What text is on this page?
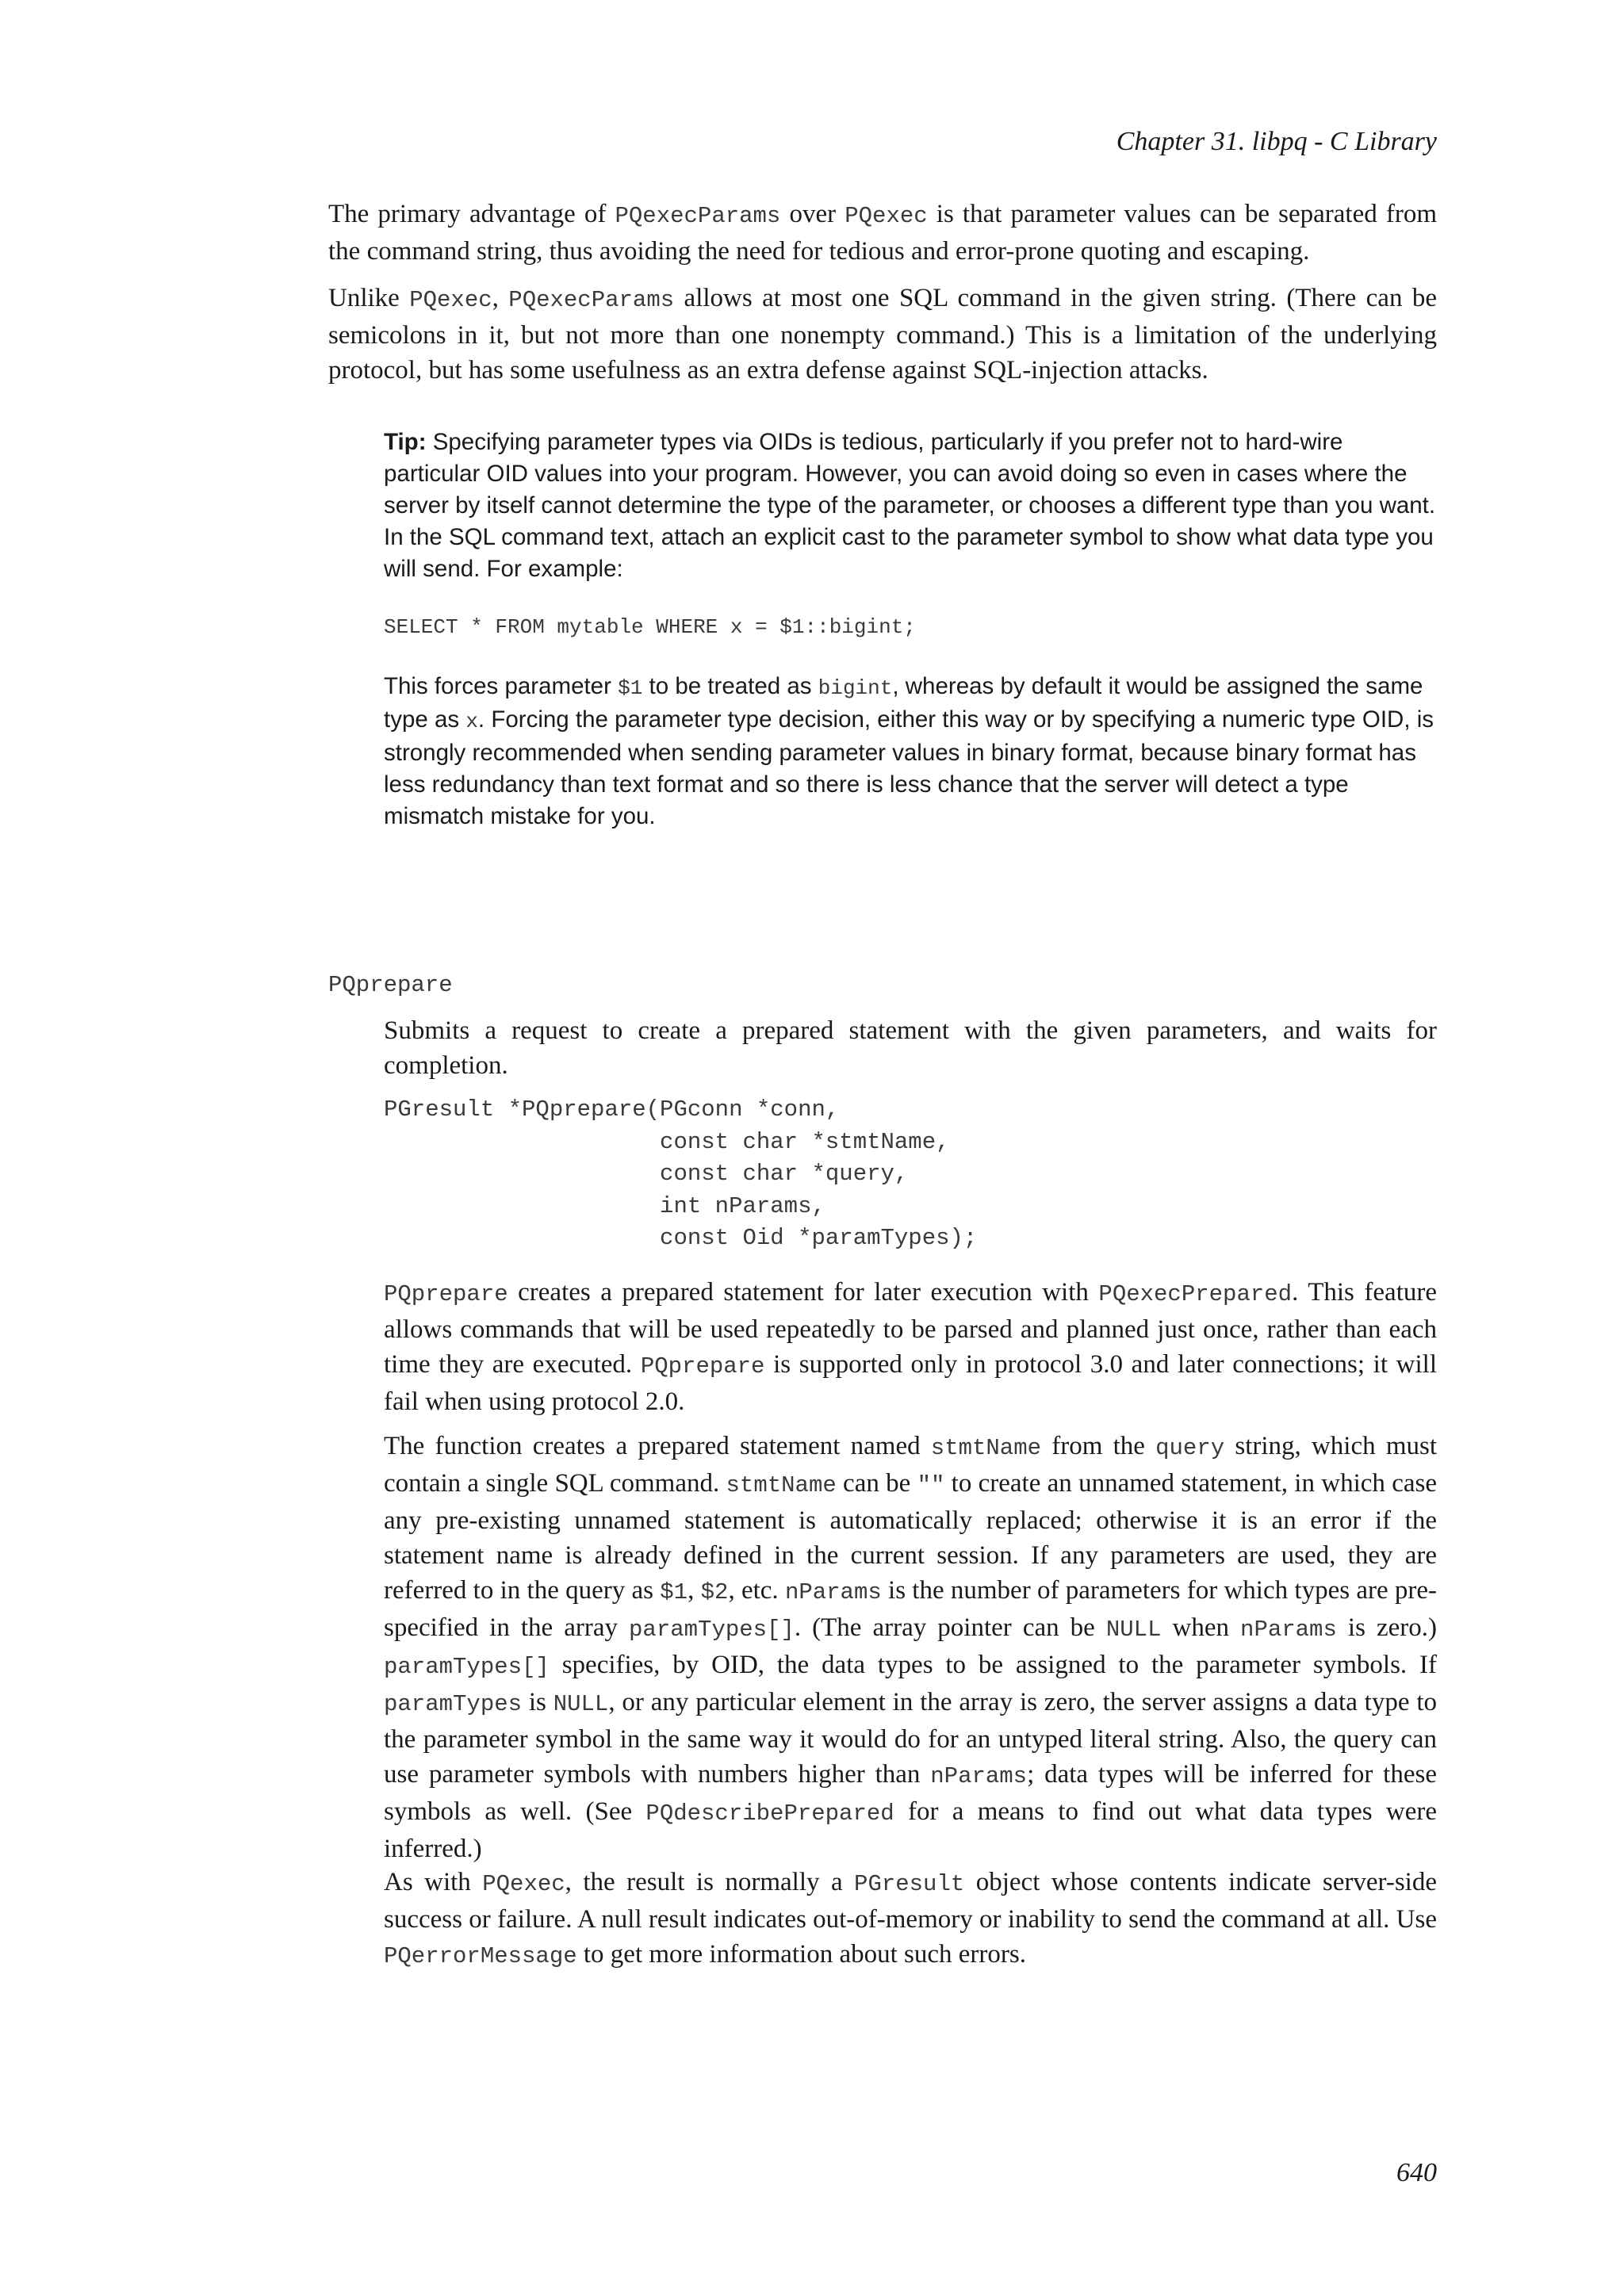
Chapter 31. libpq - C Library

The primary advantage of PQexecParams over PQexec is that parameter values can be separated from the command string, thus avoiding the need for tedious and error-prone quoting and escaping.

Unlike PQexec, PQexecParams allows at most one SQL command in the given string. (There can be semicolons in it, but not more than one nonempty command.) This is a limitation of the underlying protocol, but has some usefulness as an extra defense against SQL-injection attacks.

Tip: Specifying parameter types via OIDs is tedious, particularly if you prefer not to hard-wire particular OID values into your program. However, you can avoid doing so even in cases where the server by itself cannot determine the type of the parameter, or chooses a different type than you want. In the SQL command text, attach an explicit cast to the parameter symbol to show what data type you will send. For example:

SELECT * FROM mytable WHERE x = $1::bigint;

This forces parameter $1 to be treated as bigint, whereas by default it would be assigned the same type as x. Forcing the parameter type decision, either this way or by specifying a numeric type OID, is strongly recommended when sending parameter values in binary format, because binary format has less redundancy than text format and so there is less chance that the server will detect a type mismatch mistake for you.

PQprepare

Submits a request to create a prepared statement with the given parameters, and waits for completion.

PGresult *PQprepare(PGconn *conn,
const char *stmtName,
const char *query,
int nParams,
const Oid *paramTypes);

PQprepare creates a prepared statement for later execution with PQexecPrepared. This feature allows commands that will be used repeatedly to be parsed and planned just once, rather than each time they are executed. PQprepare is supported only in protocol 3.0 and later connections; it will fail when using protocol 2.0.

The function creates a prepared statement named stmtName from the query string, which must contain a single SQL command. stmtName can be "" to create an unnamed statement, in which case any pre-existing unnamed statement is automatically replaced; otherwise it is an error if the statement name is already defined in the current session. If any parameters are used, they are referred to in the query as $1, $2, etc. nParams is the number of parameters for which types are pre-specified in the array paramTypes[]. (The array pointer can be NULL when nParams is zero.) paramTypes[] specifies, by OID, the data types to be assigned to the parameter symbols. If paramTypes is NULL, or any particular element in the array is zero, the server assigns a data type to the parameter symbol in the same way it would do for an untyped literal string. Also, the query can use parameter symbols with numbers higher than nParams; data types will be inferred for these symbols as well. (See PQdescribePrepared for a means to find out what data types were inferred.)

As with PQexec, the result is normally a PGresult object whose contents indicate server-side success or failure. A null result indicates out-of-memory or inability to send the command at all. Use PQerrorMessage to get more information about such errors.

640
